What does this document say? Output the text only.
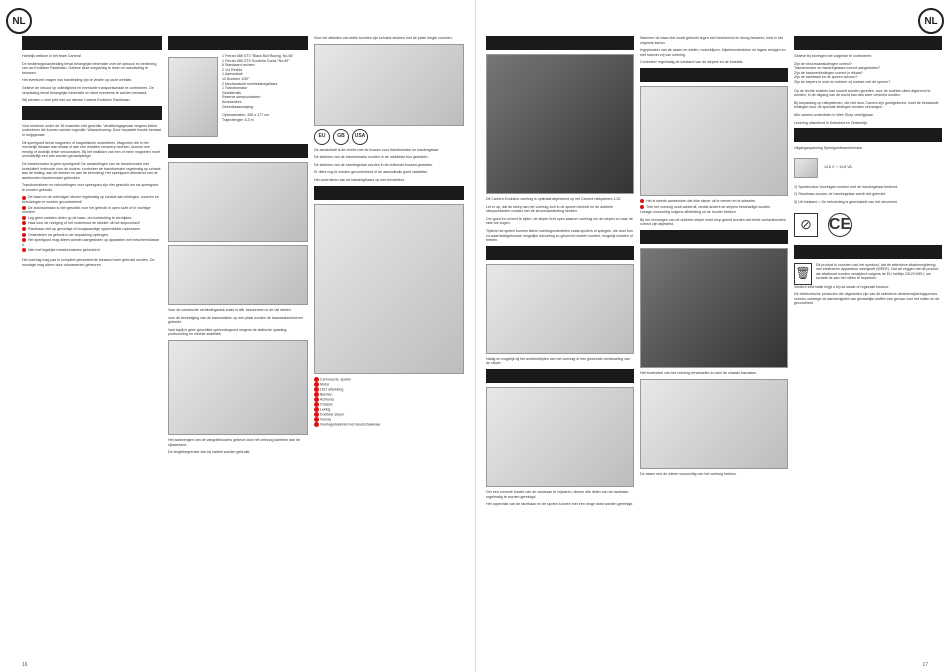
NL
Hartelijk welkom in het team Carrera!
De bedieningshandleiding bevat belangrijke informatie over de opbouw en bediening van uw Evolution Racebaan. Gelieve deze zorgvuldig te lezen en aandachtig te bewaren.
Het eventueel vragen van handleiding zijn te vinden op onze website.
Gelieve de inhoud op volledigheid en eventuele transportschade te controleren. De verpakking bevat belangrijke informatie en dient eveneens te worden bewaard.
Wij wensen u veel pret met uw nieuwe Carrera Evolution Racebaan.
Voor kinderen onder de 36 maanden niet geschikt. Verstikkingsgevaar wegens kleine onderdelen die kunnen worden ingeslikt. Waarschuwing: Door bepaalde functie bestaat er knijpgevaar.
Dit speelgoed bevat magneten of magnetische onderdelen. Magneten die in het menselijk lichaam aan elkaar of aan een metalen voorwerp hechten, kunnen een ernstig of dodelijk letsel veroorzaken. Bij het inslikken van een of meer magneten moet onmiddellijk een arts worden geraadpleegd.
De transformator is geen speelgoed! De aansluitingen van de transformator niet kortsluiten! Instructie voor de ouders: controleer de transformator regelmatig op schade aan de leiding, aan de stekker en aan de behuizing! Het speelgoed uitsluitend met de aanbevolen transformator gebruiken.
Transformatoren en netvoedingen voor speelgoed zijn niet geschikt om als speelgoed te worden gebruikt.
De baan en de voertuigen dienen regelmatig op schade aan leidingen, snoeren en behuizingen te worden gecontroleerd!
De autoracebaan is niet geschikt voor het gebruik in open lucht of in vochtige ruimten!
Leg geen metalen delen op de baan, om kortsluiting te vermijden.
Haal voor de reiniging of het onderhoud de stekker uit het stopcontact!
Racebaan niet op gevoelige of hoogwaardige oppervlakken opbouwen.
Onderdelen na gebruik in de verpakking opbergen.
Het speelgoed mag alleen worden aangesloten op apparaten met beschermklasse II.
Niet met tegelijke transformatoren gebruiken!
Het voertuig mag pas in compleet gemonteerde toestand weer gebruikt worden. De montage mag alleen door volwassenen gebeuren.
1 Ferrari 488 GT3 "Black Bull Racing, No.46"
1 Ferrari 488 GT3 Scuderia Corsa "No.69"
6 Standaard rechten
2 1/4 Rechte
1 Aansluitrail
10 Bochten 1/30°
2 Mechanische snelheidsregelaars
1 Transformator
Geleiderails
Reserve sleepcontacten
Accessoires
Gebruiksaanwijzing
Opbouwmaten: 265 x 177 cm
Trajectlengte: 6,3 m
Voor de constructie verbindingsstuk zoals in afb. beschreven in de rail steken.
voor de bevestiging van de baanstukken op een plaat worden de baanstukschroeven gebruikt.
Vast tapijt is geen geschikte spelondergrond wegens de statische oplading, pluisvorming en slechte stabiliteit.
Het aanbrengen van de vangrailhouders gebeurt door het omhoog kantelen aan de rijbaanrand.
De lengtebegrenzer kan bij nadeel worden gebruikt.
Voor het afsluiten van steile bochten zijn schuine stukken met de juiste lengte voorzien.
EU	GB	USA
De aansluitrail is de rechte met de bussen voor transformator en handregelaar.
De stekkers van de transformator worden in de middelste bus gestoken.
De stekkers van de handregelaar worden in de buitenste bussen gestoken.
Er dient nog te worden gecontroleerd of de aansluitrails goed vastzitten.
Het controleren van de handregelaars op een functietest.
Carrosserie, spoiler
Motor
LED afdekking
Banden
Achteras
Chassis
Lekkig
Dubbele sleper
Vooras
Voorlagerkalkstel met kleurschakelaar
16
NL
Dit Carrera Evolution voertuig is optimaal afgestemd op het Carrera railsysteem 1:32.
Let er op, dat de sleep van het voertuig zich in de sporen bevindt en de dubbele sleepcontacten contact met de stroomaansluiting hebben.
Om goed en correct te rijden, de sleper licht open waarom voertuig om de slepen zo naar de rails toe bugen.
Tijdens het spelen kunnen kleine voertuigonderdelen zoals spoilers of spiegels, die door hun zo waarheidsgetrouwe mogelijke uitvoering zo gevormd moeten worden, mogelijk loslaten of breken.
Nadig en mogelijk bij het achteruitrijden van het voertuig of een gewenste verwisseling van de sleper.
Om een correcte functie van de racebaan te vrijwaren, dienen alle delen van de racebaan regelmatig te worden gereinigd.
Het oppervlak van de racebaan en de sporen kunnen met een droge doek worden gereinigd.
Wanneer de baan niet wordt gebruikt tegen stof beschermd en droog bewaren, best in het originele karton.
Ingeplanteer van de assen en wielen, motorblijven, bijwerkonderdelen en lagers reinigen en met harsvet vrij van smering.
Controleer regelmatig de toestand van de slepers en de borstels.
Het is steeds aanbevolen dat elke sleper uit te nemen en te wisselen.
Trek het voertuig nooit achteruit, omdat anders de slepers beschadigd worden.
Lekage voorzichtig volgens afbeelding uit de houder trekken.
Bij het vervangen van de dubbele sleper moet erop geleid worden dat beide contactborstels correct zijn afgesteld.
Het bovendeel van het voertuig verwisselen zo snel de chassis losmaken.
De assen met de wielen voorzichtig van het voertuig trekken.
Gelieve bij storingen het volgende te controleren:
Zijn de stroomaansluitingen correct?
Transformator en handregelaars correct aangesloten?
Zijn de baanverbindingen correct in elkaar?
Zijn de racebaan en de sporen schoon?
Zijn de slepers in orde en hebben zij contact met de sporen?
Op de rechte stukken kan vooruit worden gereden, voor de bochten dient afgeremd te worden, in de uitgang van de bocht kan dan weer versneld worden.
Bij toepassing op railsystemen, die niet door Carrera zijn goedgekeurd, moet de bestaande leidingen door de speciale leidingen worden vervangen.
Alle carrera-onderdelen in Web Shop verkrijgbaar.
Levering uitsluitend in Duitsland en Oostenrijk.
Uitgangsspanning Speelgoedtransformator
14,8 V ⎓ 14,8 VA
1) Speelmodus Voortuigen worden met de handregelaar bediend.
2) Racebaan-modus: de handregelaar wordt niet gebruikt.
3) Uit toestand = De netvoeding is geschakeld van het stroomnet.
⊘	CE
🗑
Dit product is voorzien van het symbool, dat de selectieve afvalverwijdering van elektrische apparatuur weergeeft (WEEE). Dat wil zeggen dat dit product als afvalmoet worden verwijderd volgens de EU richtlijn 2012/19/EU, om schade de aan het milieu te beperken.
Verdere informatie krijgt u bij uw lokale of regionale bestuur.
De elektronische producten die uitgesloten zijn van dit selectieve afvalverwijderingsproces vormen vanwege de aanwezigheid van gevaarlijke stoffen een gevaar voor het milieu en de gezondheid.
17
